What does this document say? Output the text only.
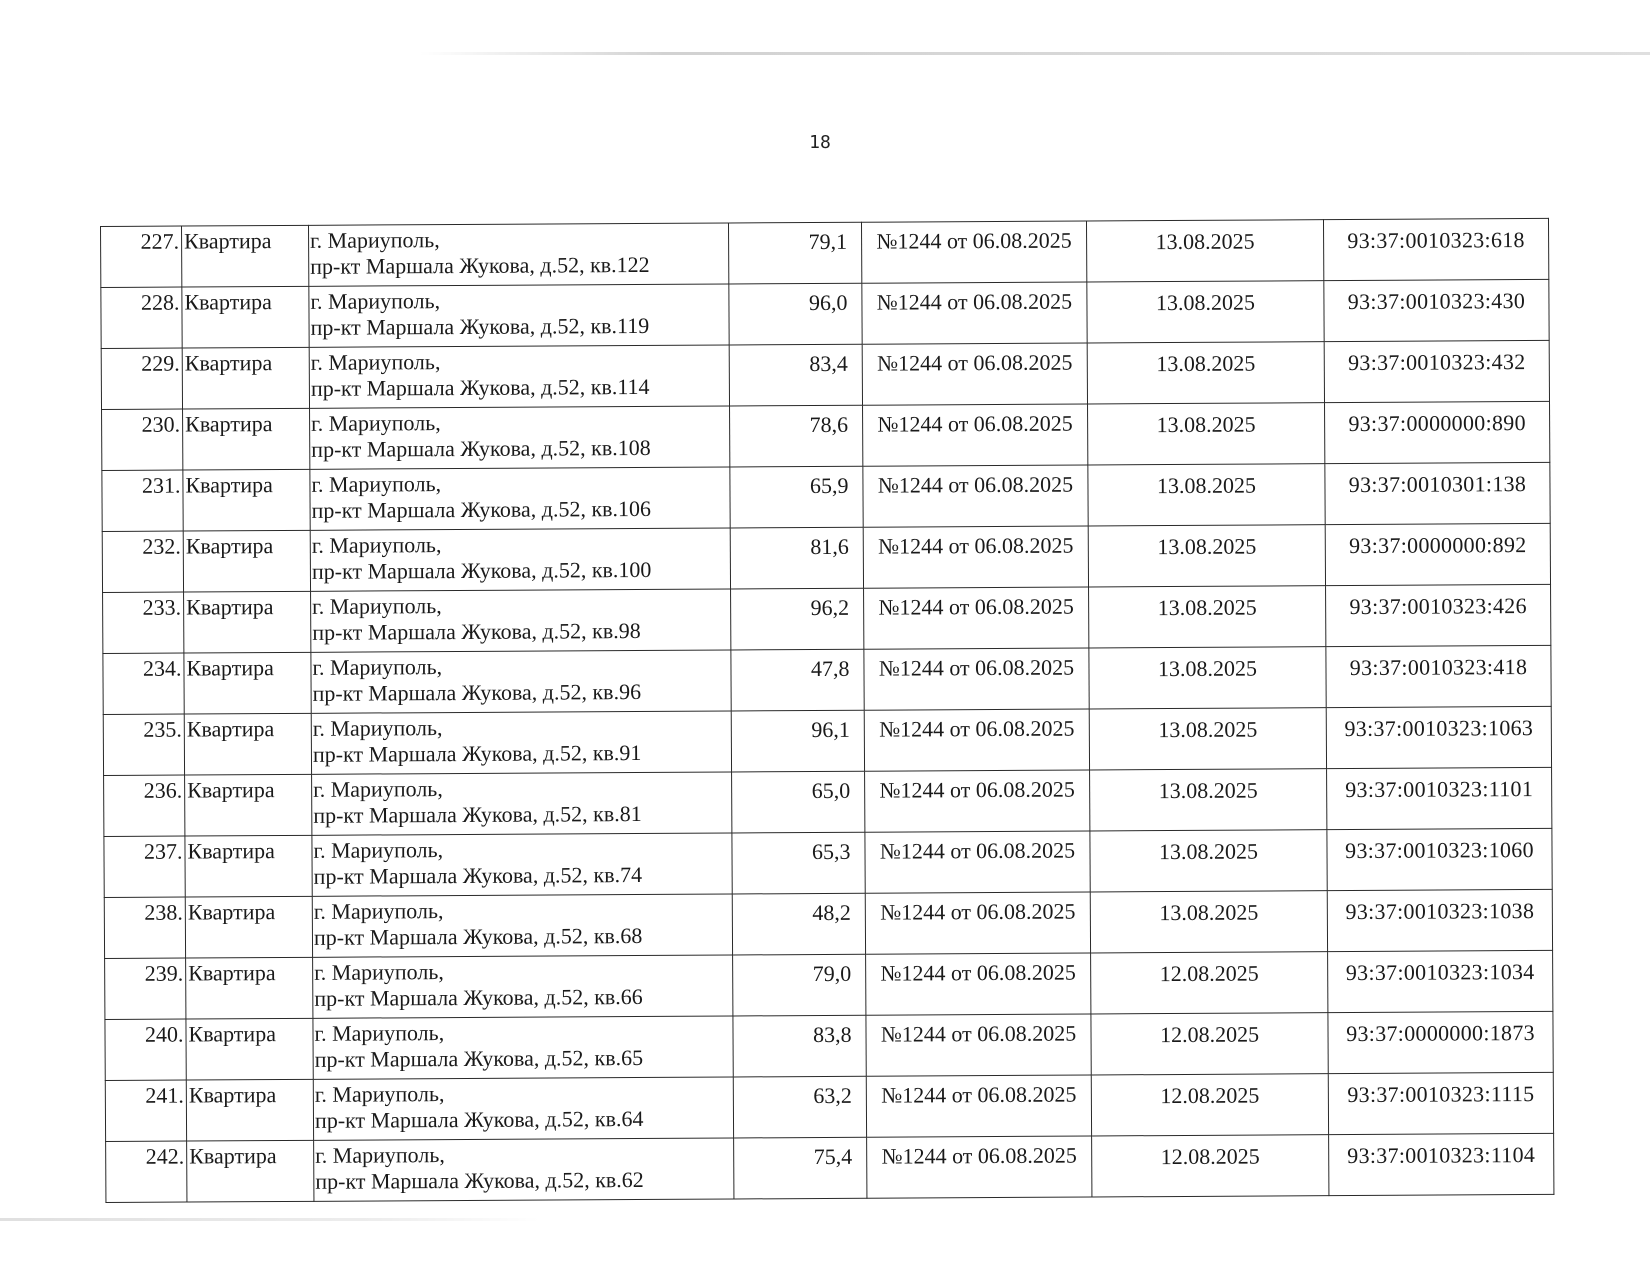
18
227.	Квартира	г. Мариуполь,
пр-кт Маршала Жукова, д.52, кв.122	79,1	№1244 от 06.08.2025	13.08.2025	93:37:0010323:618
228.	Квартира	г. Мариуполь,
пр-кт Маршала Жукова, д.52, кв.119	96,0	№1244 от 06.08.2025	13.08.2025	93:37:0010323:430
229.	Квартира	г. Мариуполь,
пр-кт Маршала Жукова, д.52, кв.114	83,4	№1244 от 06.08.2025	13.08.2025	93:37:0010323:432
230.	Квартира	г. Мариуполь,
пр-кт Маршала Жукова, д.52, кв.108	78,6	№1244 от 06.08.2025	13.08.2025	93:37:0000000:890
231.	Квартира	г. Мариуполь,
пр-кт Маршала Жукова, д.52, кв.106	65,9	№1244 от 06.08.2025	13.08.2025	93:37:0010301:138
232.	Квартира	г. Мариуполь,
пр-кт Маршала Жукова, д.52, кв.100	81,6	№1244 от 06.08.2025	13.08.2025	93:37:0000000:892
233.	Квартира	г. Мариуполь,
пр-кт Маршала Жукова, д.52, кв.98	96,2	№1244 от 06.08.2025	13.08.2025	93:37:0010323:426
234.	Квартира	г. Мариуполь,
пр-кт Маршала Жукова, д.52, кв.96	47,8	№1244 от 06.08.2025	13.08.2025	93:37:0010323:418
235.	Квартира	г. Мариуполь,
пр-кт Маршала Жукова, д.52, кв.91	96,1	№1244 от 06.08.2025	13.08.2025	93:37:0010323:1063
236.	Квартира	г. Мариуполь,
пр-кт Маршала Жукова, д.52, кв.81	65,0	№1244 от 06.08.2025	13.08.2025	93:37:0010323:1101
237.	Квартира	г. Мариуполь,
пр-кт Маршала Жукова, д.52, кв.74	65,3	№1244 от 06.08.2025	13.08.2025	93:37:0010323:1060
238.	Квартира	г. Мариуполь,
пр-кт Маршала Жукова, д.52, кв.68	48,2	№1244 от 06.08.2025	13.08.2025	93:37:0010323:1038
239.	Квартира	г. Мариуполь,
пр-кт Маршала Жукова, д.52, кв.66	79,0	№1244 от 06.08.2025	12.08.2025	93:37:0010323:1034
240.	Квартира	г. Мариуполь,
пр-кт Маршала Жукова, д.52, кв.65	83,8	№1244 от 06.08.2025	12.08.2025	93:37:0000000:1873
241.	Квартира	г. Мариуполь,
пр-кт Маршала Жукова, д.52, кв.64	63,2	№1244 от 06.08.2025	12.08.2025	93:37:0010323:1115
242.	Квартира	г. Мариуполь,
пр-кт Маршала Жукова, д.52, кв.62	75,4	№1244 от 06.08.2025	12.08.2025	93:37:0010323:1104
